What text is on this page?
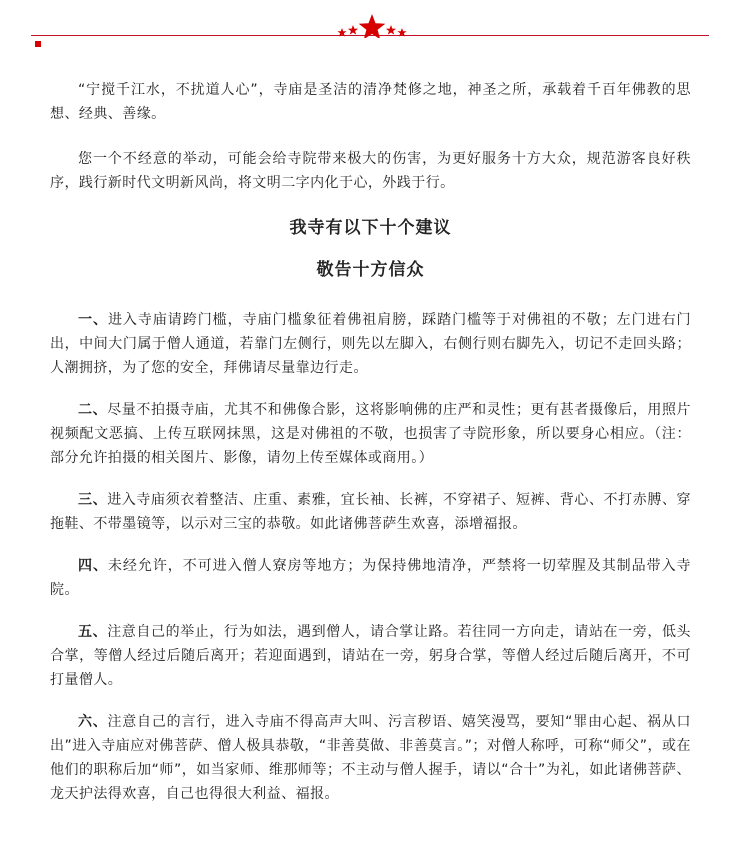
“宁搅千江水，不扰道人心”，寺庙是圣洁的清净梵修之地，神圣之所，承载着千百年佛教的思想、经典、善缘。

您一个不经意的举动，可能会给寺院带来极大的伤害，为更好服务十方大众，规范游客良好秩序，践行新时代文明新风尚，将文明二字内化于心，外践于行。

我寺有以下十个建议
敬告十方信众

一、进入寺庙请跨门槛，寺庙门槛象征着佛祖肩膀，踩踏门槛等于对佛祖的不敬；左门进右门出，中间大门属于僧人通道，若靠门左侧行，则先以左脚入，右侧行则右脚先入，切记不走回头路；人潮拥挤，为了您的安全，拜佛请尽量靠边行走。

二、尽量不拍摄寺庙，尤其不和佛像合影，这将影响佛的庄严和灵性；更有甚者摄像后，用照片视频配文恶搞、上传互联网抹黑，这是对佛祖的不敬，也损害了寺院形象，所以要身心相应。（注：部分允许拍摄的相关图片、影像，请勿上传至媒体或商用。）

三、进入寺庙须衣着整洁、庄重、素雅，宜长袖、长裤，不穿裙子、短裤、背心、不打赤膊、穿拖鞋、不带墨镜等，以示对三宝的恭敬。如此诸佛菩萨生欢喜，添增福报。

四、未经允许，不可进入僧人寮房等地方；为保持佛地清净，严禁将一切荤腥及其制品带入寺院。

五、注意自己的举止，行为如法，遇到僧人，请合掌让路。若往同一方向走，请站在一旁，低头合掌，等僧人经过后随后离开；若迎面遇到，请站在一旁，躬身合掌，等僧人经过后随后离开，不可打量僧人。

六、注意自己的言行，进入寺庙不得高声大叫、污言秽语、嬉笑漫骂，要知“罪由心起、祸从口出”进入寺庙应对佛菩萨、僧人极具恭敬，“非善莫做、非善莫言。”；对僧人称呼，可称“师父”，或在他们的职称后加“师”，如当家师、维那师等；不主动与僧人握手，请以“合十”为礼，如此诸佛菩萨、龙天护法得欢喜，自己也得很大利益、福报。
